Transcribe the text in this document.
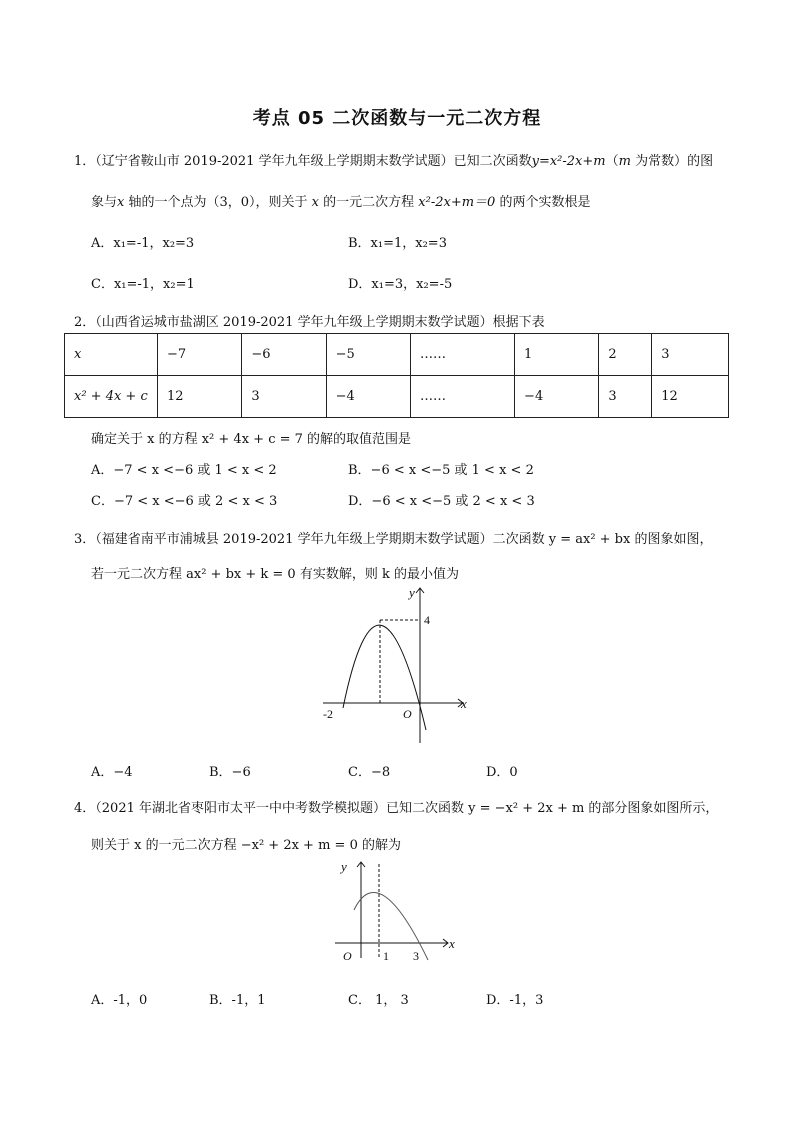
考点 05 二次函数与一元二次方程
1．（辽宁省鞍山市 2019-2021 学年九年级上学期期末数学试题）已知二次函数y=x²-2x+m（m 为常数）的图
象与x 轴的一个点为（3，0），则关于 x 的一元二次方程 x²-2x+m＝0 的两个实数根是
A．x₁=-1，x₂=3	B．x₁=1，x₂=3
C．x₁=-1，x₂=1	D．x₁=3，x₂=-5
2．（山西省运城市盐湖区 2019-2021 学年九年级上学期期末数学试题）根据下表
x	−7	−6	−5	……	1	2	3
x² + 4x + c	12	3	−4	……	−4	3	12
确定关于 x 的方程 x² + 4x + c = 7 的解的取值范围是
A．−7 < x <−6 或 1 < x < 2	B．−6 < x <−5 或 1 < x < 2
C．−7 < x <−6 或 2 < x < 3	D．−6 < x <−5 或 2 < x < 3
3．（福建省南平市浦城县 2019-2021 学年九年级上学期期末数学试题）二次函数 y = ax² + bx 的图象如图，
若一元二次方程 ax² + bx + k = 0 有实数解，则 k 的最小值为
y
x
4
-2	O
A．−4	B．−6	C．−8	D．0
4．（2021 年湖北省枣阳市太平一中中考数学模拟题）已知二次函数 y = −x² + 2x + m 的部分图象如图所示，
则关于 x 的一元二次方程 −x² + 2x + m = 0 的解为
y
x
O	1 3
A．-1，0	B．-1，1	C． 1， 3	D．-1，3
